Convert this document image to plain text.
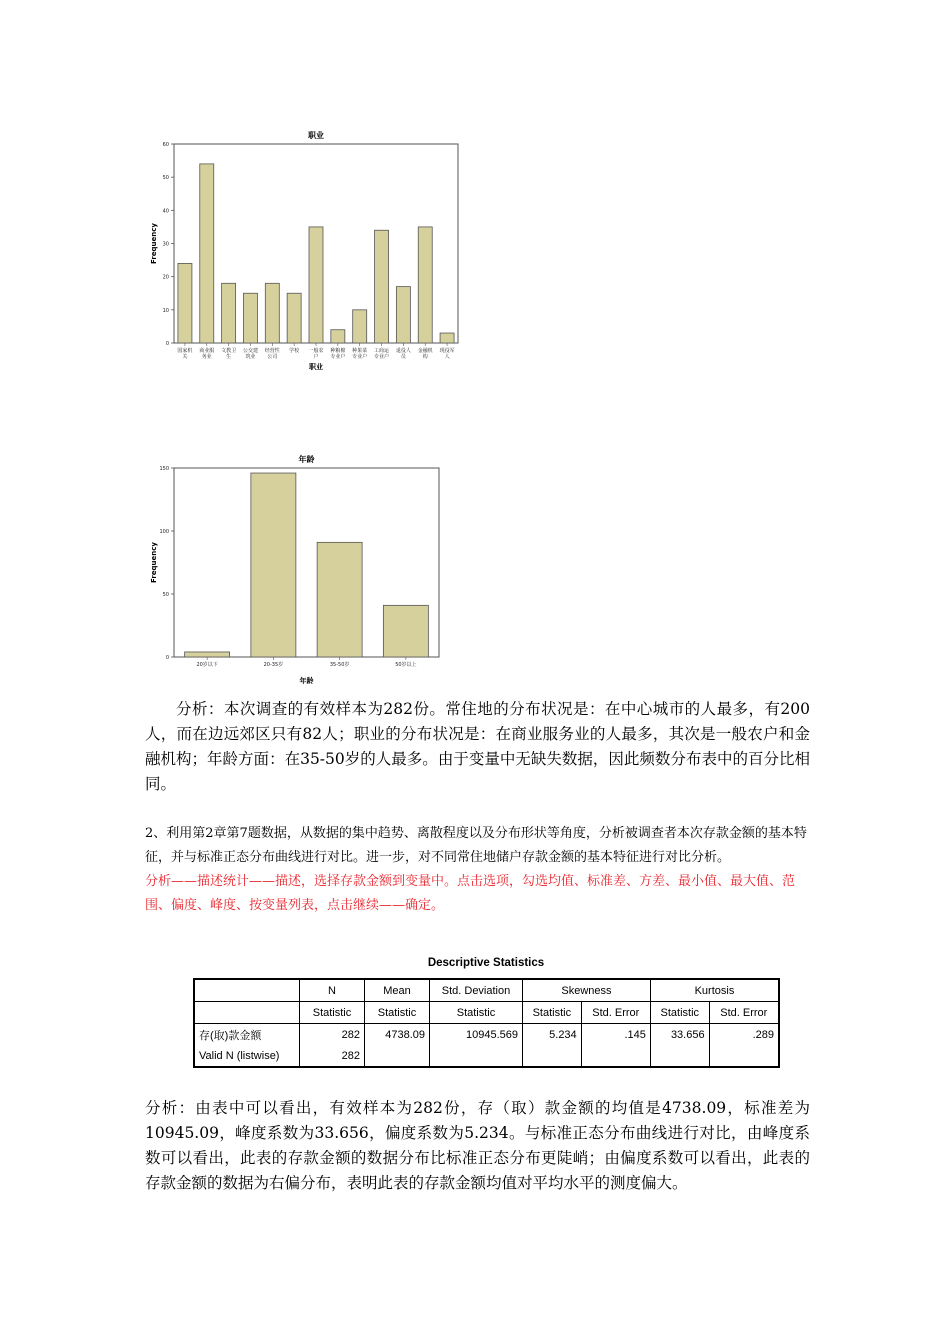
职业
0
10
20
30
40
50
60
Frequency
国家机
关
商业服
务业
文教卫
生
公交建
筑业
经营性
公司
学校 一般农
户
种粮棉
专业户
种果菜
专业户
工商运
专业户
退役人
员
金融机
构
现役军
人
职业
年龄
0
50
100
150
Frequency
20岁以下	20-35岁	35-50岁	50岁以上
年龄

分析：本次调查的有效样本为282份。常住地的分布状况是：在中心城市的人最多，有200人，而在边远郊区只有82人；职业的分布状况是：在商业服务业的人最多，其次是一般农户和金融机构；年龄方面：在35-50岁的人最多。由于变量中无缺失数据，因此频数分布表中的百分比相同。

2、利用第2章第7题数据，从数据的集中趋势、离散程度以及分布形状等角度，分析被调查者本次存款金额的基本特征，并与标准正态分布曲线进行对比。进一步，对不同常住地储户存款金额的基本特征进行对比分析。
分析——描述统计——描述，选择存款金额到变量中。点击选项，勾选均值、标准差、方差、最小值、最大值、范围、偏度、峰度、按变量列表，点击继续——确定。
Descriptive Statistics
	N	Mean	Std. Deviation	Skewness		Kurtosis	
	Statistic	Statistic	Statistic	Statistic	Std. Error	Statistic	Std. Error
存(取)款金额	282	4738.09	10945.569	5.234	.145	33.656	.289
Valid N (listwise)	282						

分析：由表中可以看出，有效样本为282份，存（取）款金额的均值是4738.09，标准差为10945.09，峰度系数为33.656，偏度系数为5.234。与标准正态分布曲线进行对比，由峰度系数可以看出，此表的存款金额的数据分布比标准正态分布更陡峭；由偏度系数可以看出，此表的存款金额的数据为右偏分布，表明此表的存款金额均值对平均水平的测度偏大。
